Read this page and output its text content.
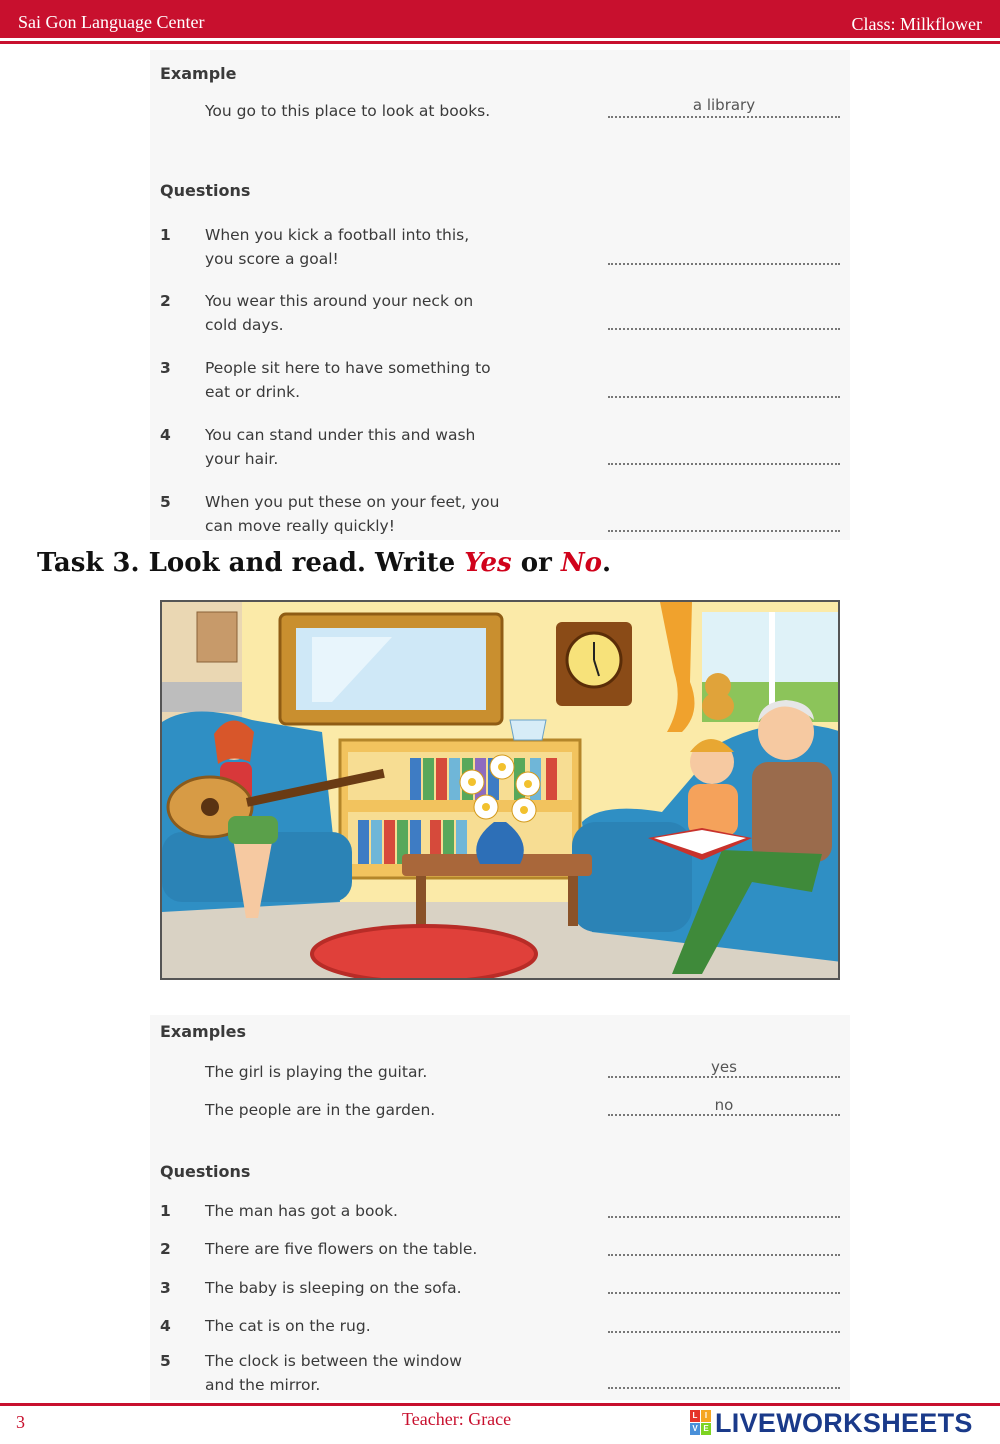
Sai Gon Language Center	Class: Milkflower
Example
You go to this place to look at books.	a library
Questions
1 When you kick a football into this,
you score a goal!
2 You wear this around your neck on
cold days.
3 People sit here to have something to
eat or drink.
4 You can stand under this and wash
your hair.
5 When you put these on your feet, you
can move really quickly!
Task 3. Look and read. Write Yes or No.
Examples
The girl is playing the guitar.	yes
The people are in the garden.	no
Questions
1 The man has got a book.
2 There are five flowers on the table.
3 The baby is sleeping on the sofa.
4 The cat is on the rug.
5 The clock is between the window
and the mirror.
3	Teacher: Grace	L I
V E LIVEWORKSHEETS
